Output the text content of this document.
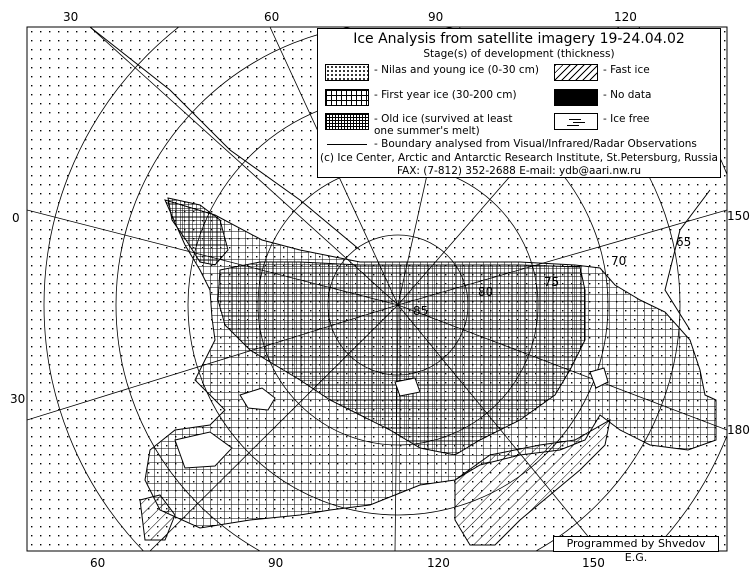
85
80
75
70
65
30	60	90	120
60	90	120	150
0
30
150
180
Ice Analysis from satellite imagery 19-24.04.02
Stage(s) of development (thickness)
- Nilas and young ice (0-30 cm)	- Fast ice
- First year ice (30-200 cm)	- No data
- Old ice (survived at least one summer's melt)
- Ice free
- Boundary analysed from Visual/Infrared/Radar Observations
(c) Ice Center, Arctic and Antarctic Research Institute, St.Petersburg, Russia
FAX: (7-812) 352-2688 E-mail: ydb@aari.nw.ru
Programmed by Shvedov E.G.
